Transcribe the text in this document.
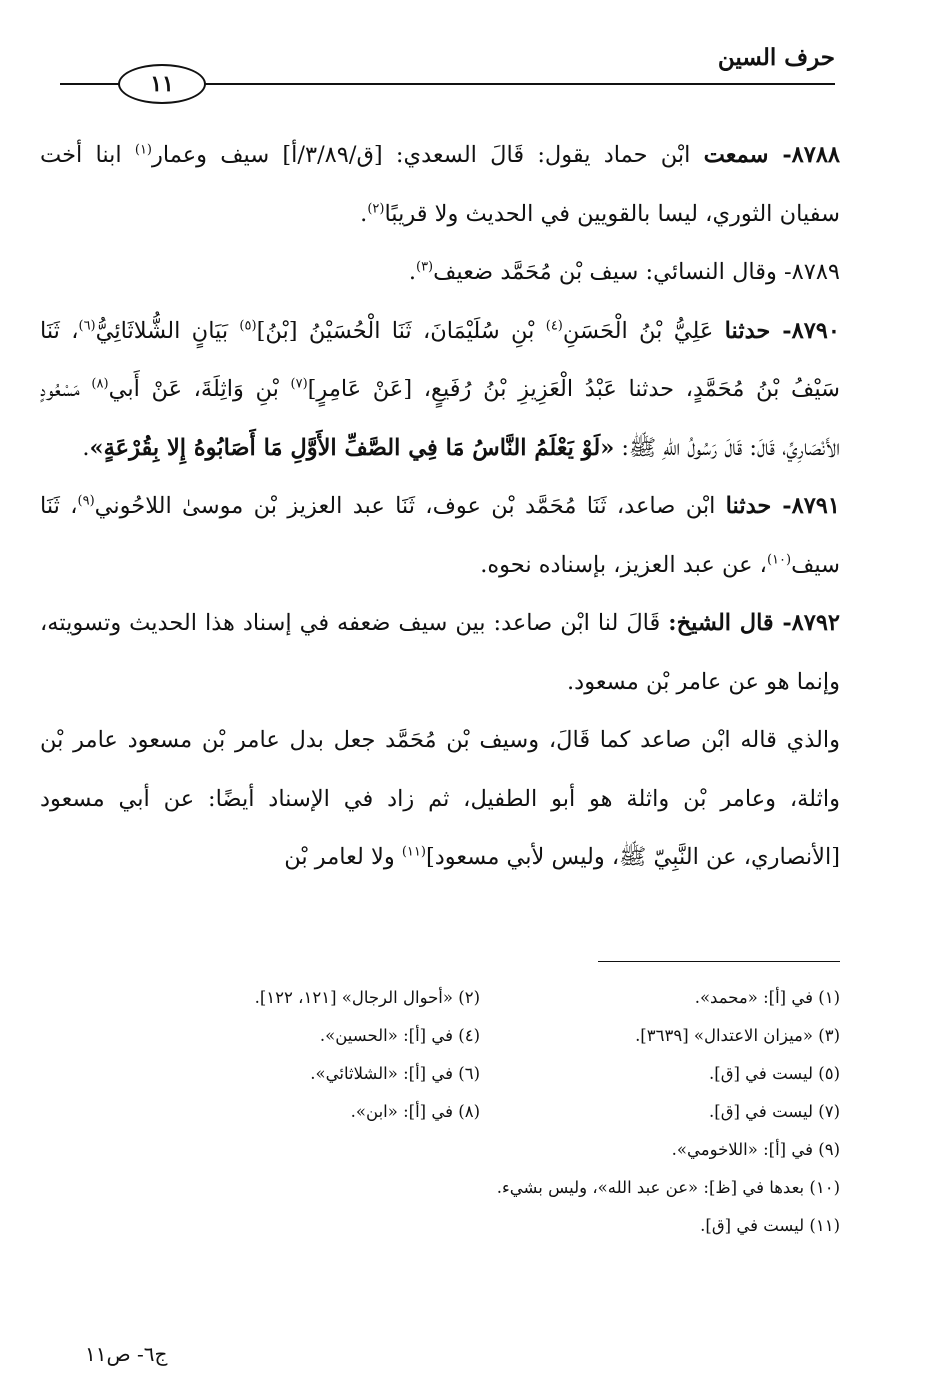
حرف السين
١١

٨٧٨٨- سمعت ابْن حماد يقول: قَالَ السعدي: [ق/٣/٨٩/أ] سيف وعمار$^{(١)}$ ابنا أخت سفيان الثوري، ليسا بالقويين في الحديث ولا قريبًا$^{(٢)}$.

٨٧٨٩- وقال النسائي: سيف بْن مُحَمَّد ضعيف$^{(٣)}$.

٨٧٩٠- حدثنا عَلِيُّ بْنُ الْحَسَنِ$^{(٤)}$ بْنِ سُلَيْمَانَ، ثَنَا الْحُسَيْنُ [بْنُ]$^{(٥)}$ بَيَانٍ الشُّلاثَائِيُّ$^{(٦)}$، ثَنَا سَيْفُ بْنُ مُحَمَّدٍ، حدثنا عَبْدُ الْعَزِيزِ بْنُ رُفَيعٍ، [عَنْ عَامِرٍ]$^{(٧)}$ بْنِ وَاثِلَةَ، عَنْ أَبي$^{(٨)}$ مَسْعُودٍ الأَنْصَارِيِّ، قَالَ: قَالَ رَسُولُ اللهِ ﷺ: «لَوْ يَعْلَمُ النَّاسُ مَا فِي الصَّفِّ الأَوَّلِ مَا أَصَابُوهُ إِلا بِقُرْعَةٍ».

٨٧٩١- حدثنا ابْن صاعد، ثَنَا مُحَمَّد بْن عوف، ثَنَا عبد العزيز بْن موسىٰ اللاحُوني$^{(٩)}$، ثَنَا سيف$^{(١٠)}$، عن عبد العزيز، بإسناده نحوه.

٨٧٩٢- قال الشيخ: قَالَ لنا ابْن صاعد: بين سيف ضعفه في إسناد هذا الحديث وتسويته، وإنما هو عن عامر بْن مسعود.

والذي قاله ابْن صاعد كما قَالَ، وسيف بْن مُحَمَّد جعل بدل عامر بْن مسعود عامر بْن واثلة، وعامر بْن واثلة هو أبو الطفيل، ثم زاد في الإسناد أيضًا: عن أبي مسعود [الأنصاري، عن النَّبِيّ ﷺ، وليس لأبي مسعود]$^{(١١)}$ ولا لعامر بْن

(١) في [أ]: «محمد».
(٢) «أحوال الرجال» [١٢١، ١٢٢].
(٣) «ميزان الاعتدال» [٣٦٣٩].
(٤) في [أ]: «الحسين».
(٥) ليست في [ق].
(٦) في [أ]: «الشلاثائي».
(٧) ليست في [ق].
(٨) في [أ]: «ابن».
(٩) في [أ]: «اللاخومي».
(١٠) بعدها في [ظ]: «عن عبد الله»، وليس بشيء.
(١١) ليست في [ق].
ج٦- ص١١
